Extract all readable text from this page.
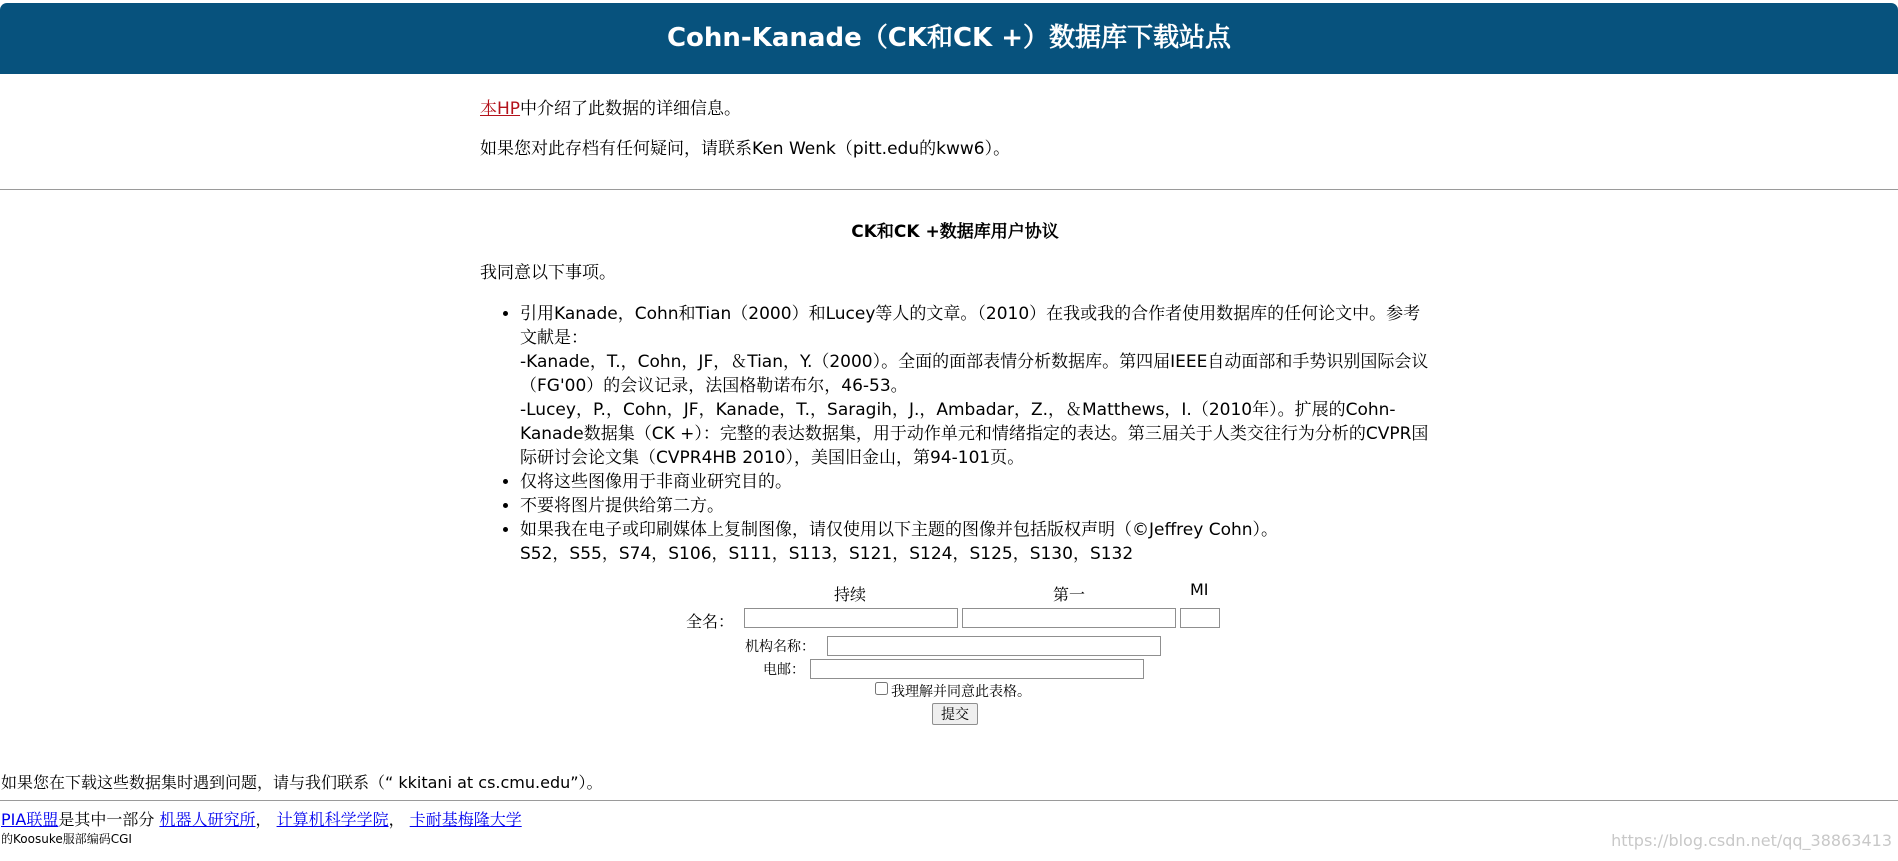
Cohn-Kanade（CK和CK +）数据库下载站点

本HP中介绍了此数据的详细信息。

如果您对此存档有任何疑问，请联系Ken Wenk（pitt.edu的kww6）。

CK和CK +数据库用户协议

我同意以下事项。

• 引用Kanade，Cohn和Tian（2000）和Lucey等人的文章。（2010）在我或我的合作者使用数据库的任何论文中。参考文献是：
-Kanade，T.，Cohn，JF，＆Tian，Y.（2000）。全面的面部表情分析数据库。第四届IEEE自动面部和手势识别国际会议（FG'00）的会议记录，法国格勒诺布尔，46-53。
-Lucey，P.，Cohn，JF，Kanade，T.，Saragih，J.，Ambadar，Z.，＆Matthews，I.（2010年）。扩展的Cohn-Kanade数据集（CK +）：完整的表达数据集，用于动作单元和情绪指定的表达。第三届关于人类交往行为分析的CVPR国际研讨会论文集（CVPR4HB 2010），美国旧金山，第94-101页。
• 仅将这些图像用于非商业研究目的。
• 不要将图片提供给第二方。
• 如果我在电子或印刷媒体上复制图像，请仅使用以下主题的图像并包括版权声明（©Jeffrey Cohn）。
S52，S55，S74，S106，S111，S113，S121，S124，S125，S130，S132
持续	第一	MI
全名：
机构名称：
电邮：
我理解并同意此表格。
提交
如果您在下载这些数据集时遇到问题，请与我们联系（“ kkitani at cs.cmu.edu”）。
PIA联盟是其中一部分 机器人研究所， 计算机科学学院， 卡耐基梅隆大学
的Koosuke服部编码CGI	https://blog.csdn.net/qq_38863413
